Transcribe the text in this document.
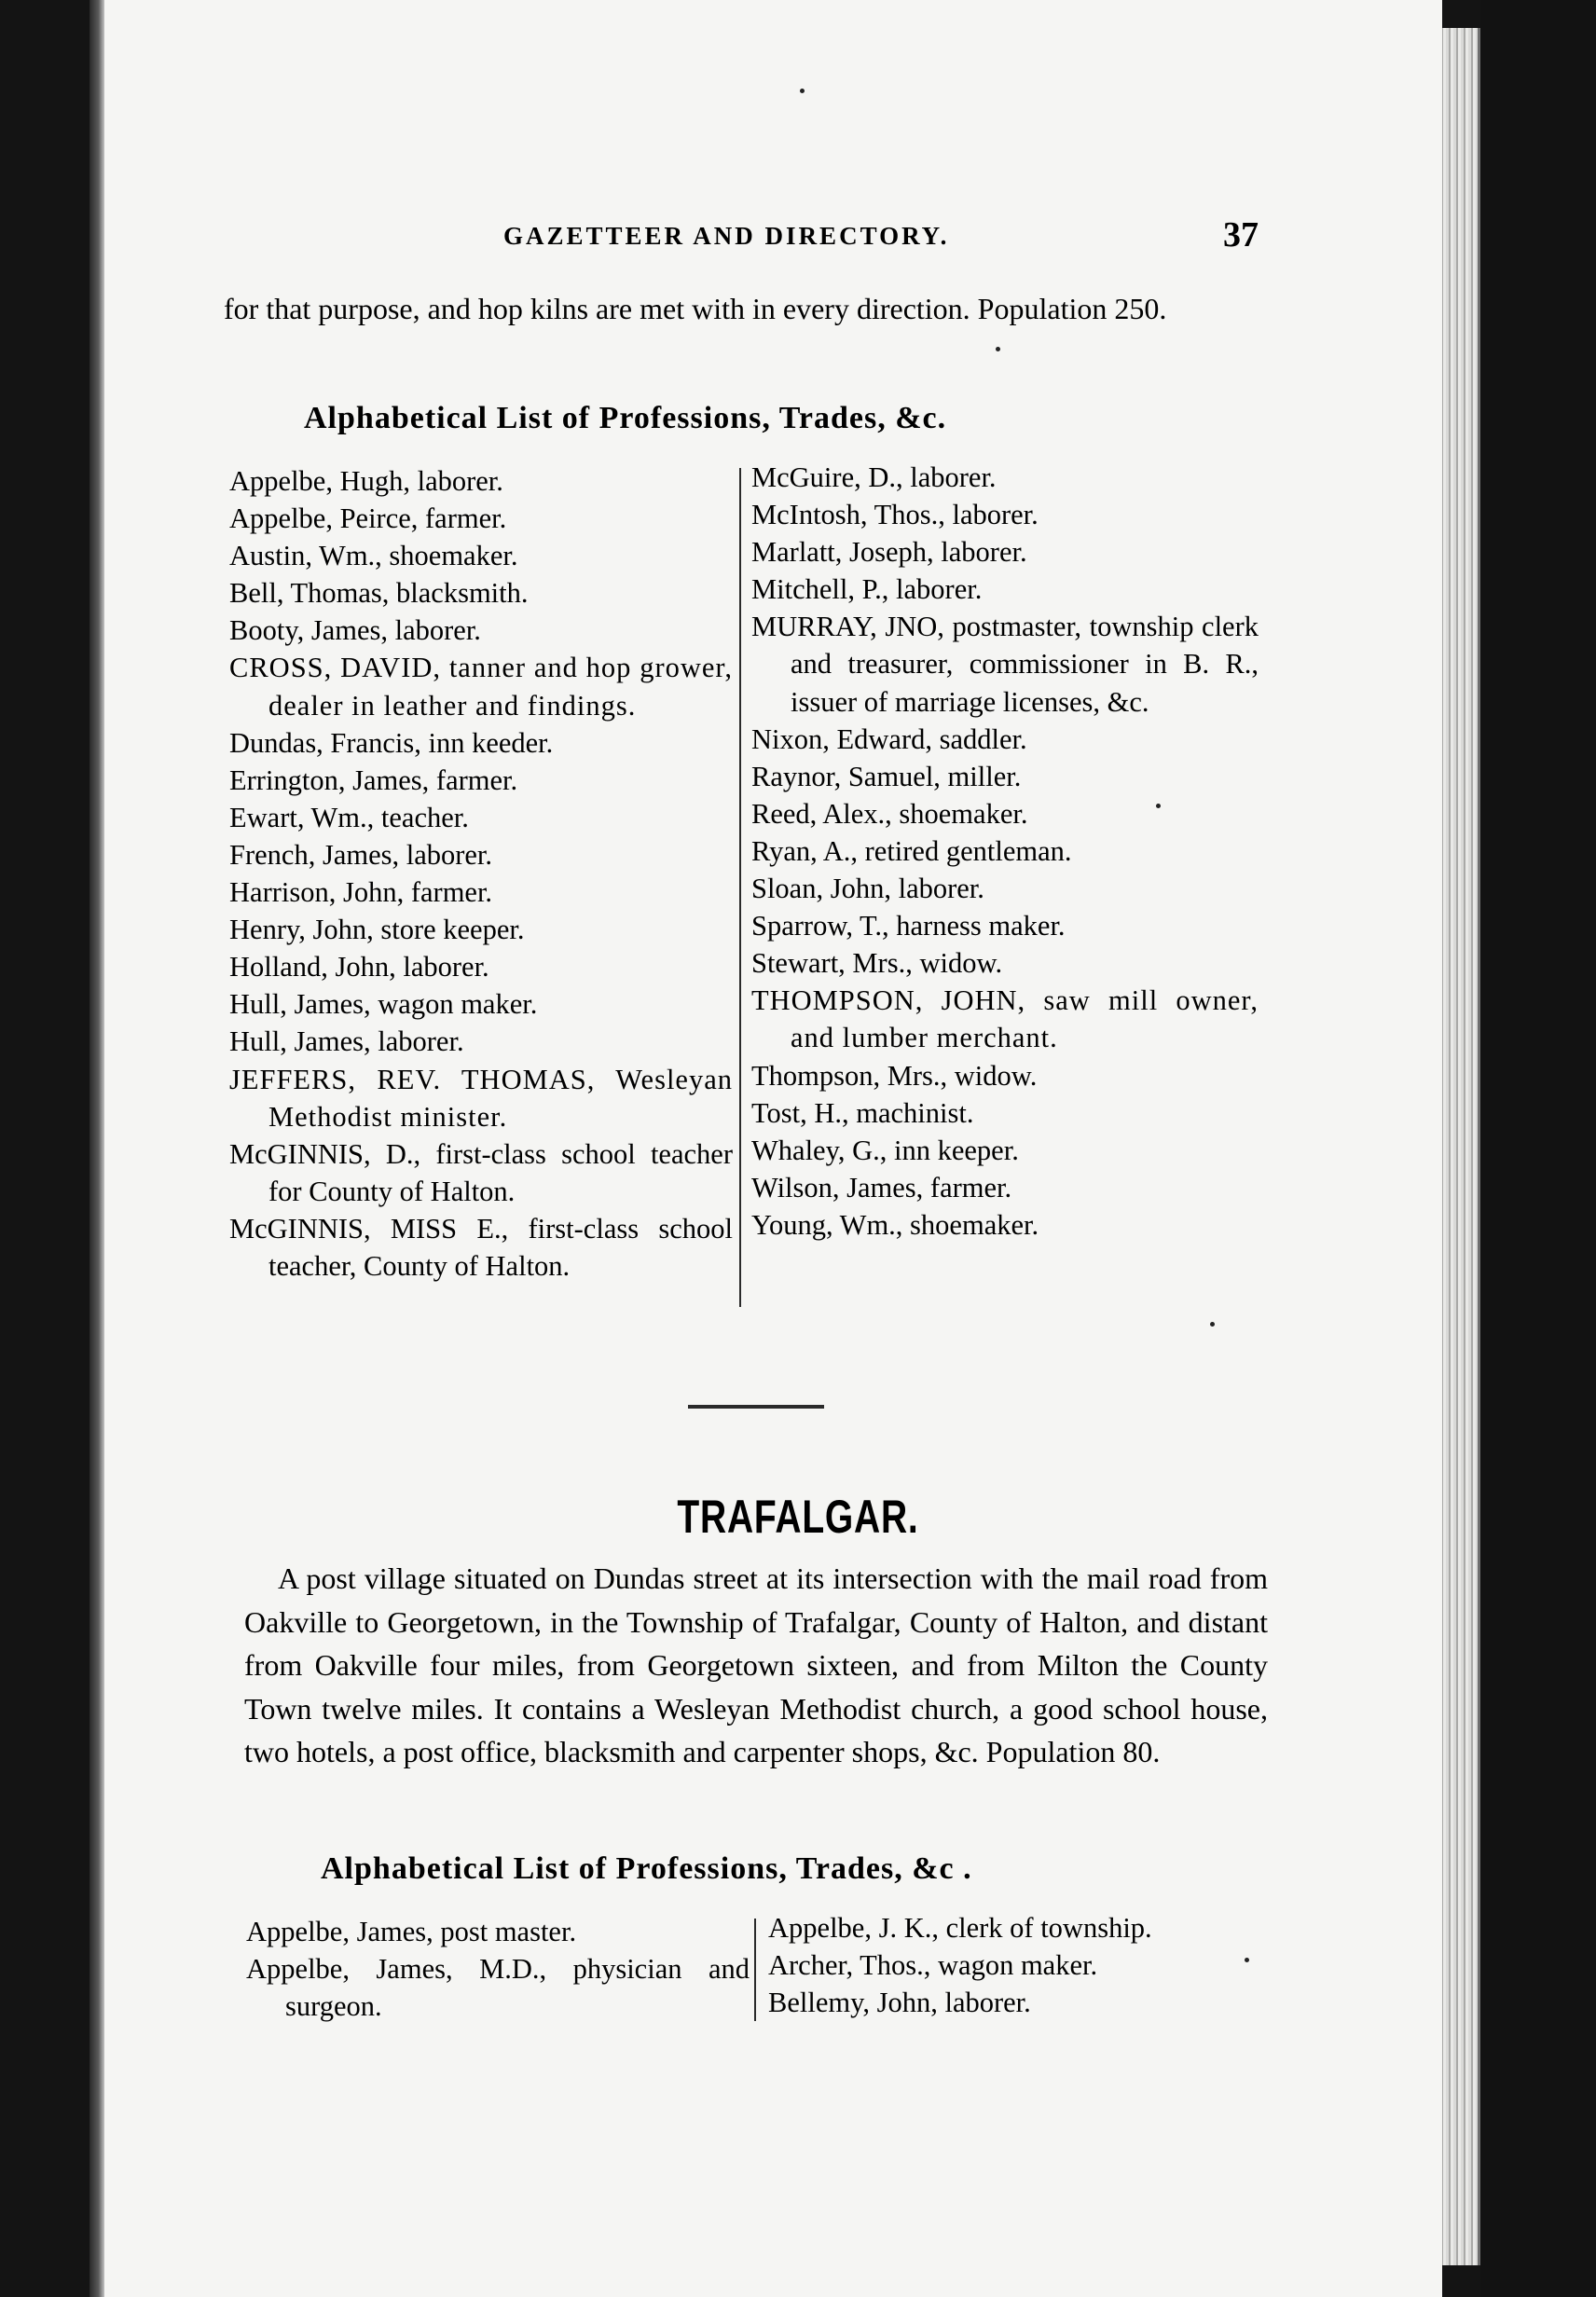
GAZETTEER AND DIRECTORY.	37
for that purpose, and hop kilns are met with in every direction. Population 250.
Alphabetical List of Professions, Trades, &c.
Appelbe, Hugh, laborer.
Appelbe, Peirce, farmer.
Austin, Wm., shoemaker.
Bell, Thomas, blacksmith.
Booty, James, laborer.
CROSS, DAVID, tanner and hop grower, dealer in leather and findings.
Dundas, Francis, inn keeder.
Errington, James, farmer.
Ewart, Wm., teacher.
French, James, laborer.
Harrison, John, farmer.
Henry, John, store keeper.
Holland, John, laborer.
Hull, James, wagon maker.
Hull, James, laborer.
JEFFERS, REV. THOMAS, Wesleyan Methodist minister.
McGINNIS, D., first-class school teacher for County of Halton.
McGINNIS, MISS E., first-class school teacher, County of Halton.
McGuire, D., laborer.
McIntosh, Thos., laborer.
Marlatt, Joseph, laborer.
Mitchell, P., laborer.
MURRAY, JNO, postmaster, township clerk and treasurer, commissioner in B. R., issuer of marriage licenses, &c.
Nixon, Edward, saddler.
Raynor, Samuel, miller.
Reed, Alex., shoemaker.
Ryan, A., retired gentleman.
Sloan, John, laborer.
Sparrow, T., harness maker.
Stewart, Mrs., widow.
THOMPSON, JOHN, saw mill owner, and lumber merchant.
Thompson, Mrs., widow.
Tost, H., machinist.
Whaley, G., inn keeper.
Wilson, James, farmer.
Young, Wm., shoemaker.
TRAFALGAR.
A post village situated on Dundas street at its intersection with the mail road from Oakville to Georgetown, in the Township of Trafalgar, County of Halton, and distant from Oakville four miles, from Georgetown sixteen, and from Milton the County Town twelve miles. It contains a Wesleyan Methodist church, a good school house, two hotels, a post office, blacksmith and carpenter shops, &c. Population 80.
Alphabetical List of Professions, Trades, &c .
Appelbe, James, post master.
Appelbe, James, M.D., physician and surgeon.
Appelbe, J. K., clerk of township.
Archer, Thos., wagon maker.
Bellemy, John, laborer.
